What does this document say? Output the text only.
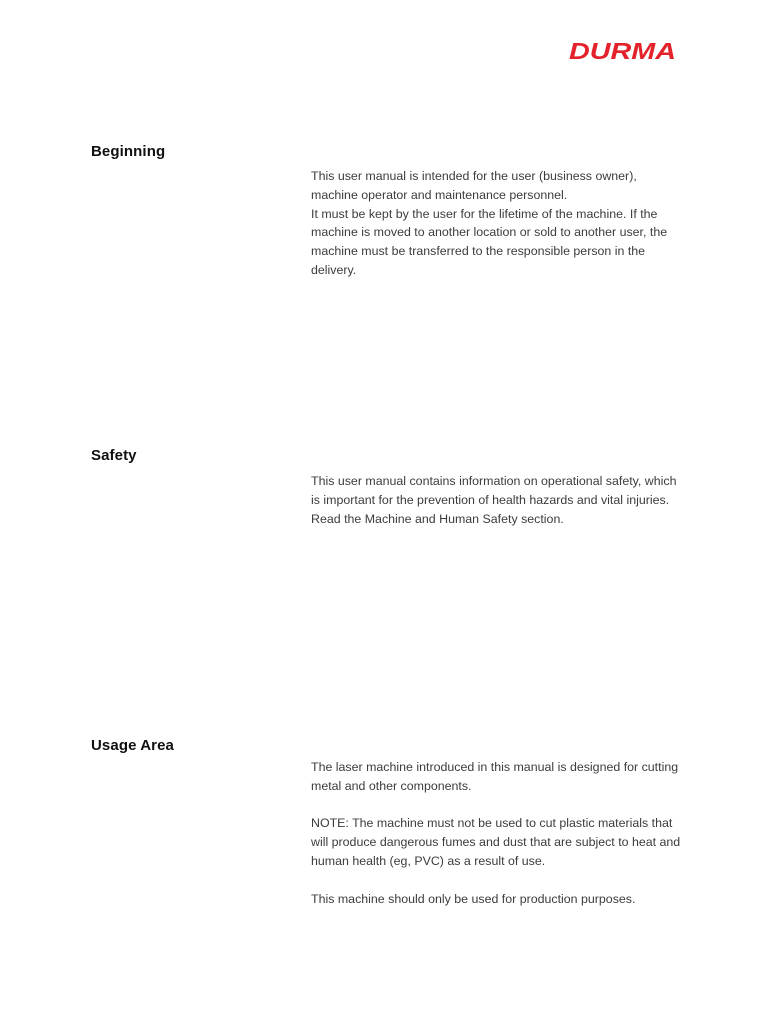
DURMA
Beginning

This user manual is intended for the user (business owner), machine operator and maintenance personnel.

It must be kept by the user for the lifetime of the machine. If the machine is moved to another location or sold to another user, the machine must be transferred to the responsible person in the delivery.

Safety

This user manual contains information on operational safety, which is important for the prevention of health hazards and vital injuries. Read the Machine and Human Safety section.

Usage Area

The laser machine introduced in this manual is designed for cutting metal and other components.

NOTE: The machine must not be used to cut plastic materials that will produce dangerous fumes and dust that are subject to heat and human health (eg, PVC) as a result of use.

This machine should only be used for production purposes.
